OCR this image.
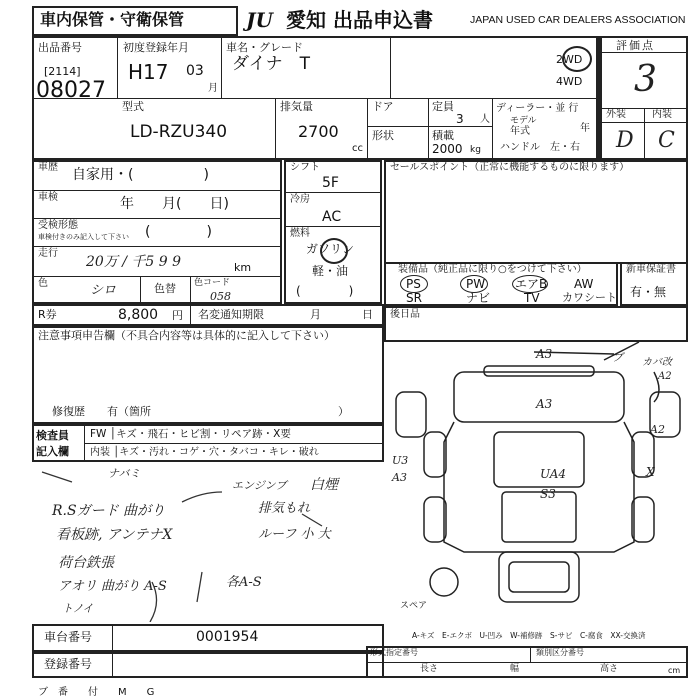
車内保管・守衛保管	JU 愛知 出品申込書	JAPAN USED CAR DEALERS ASSOCIATION
出品番号
[2114]
08027
初度登録年月
H17 03
月
車名・グレード
ダイナ　T	2WD
4WD
評価点
3
外装	内装
D C
型式
LD-RZU340
排気量
2700
cc
ドア
形状
定員
3 人
積載
2000 kg
ディーラー・並 行
モデル
年式	年
ハンドル 左・右
車歴 自家用・(　　　　　)
車検	年　　月(　　日)
受検形態
車検付きのみ記入して下さい (　　　　)
走行
20万 / 千5 9 9	km
色	シロ	色替 色コード
058
シフト
5F
冷房
AC
燃料
ガソリン
軽・油
(　　　　)
セールスポイント（正常に機能するものに限ります）
装備品（純正品に限り○をつけて下さい）
PS	PW エアB AW
SR	ナビ	TV カワシート
新車保証書
有・無
R券	8,800 円 名変通知期限	月	日 後日品
注意事項申告欄（不具合内容等は具体的に記入して下さい）
修復歴　　有（箇所　　　　　　　　　　　　　　　　　）
検査員
記入欄
FW │キズ・飛石・ヒビ割・リペア跡・X要
内装 │キズ・汚れ・コゲ・穴・タバコ・キレ・破れ
ナバミ
エンジンブ 白煙
R.Sガード 曲がり	排気もれ
看板跡, アンテナX	ルーフ 小 大
荷台鉄張
アオリ 曲がり A-S	各A-S
トノイ
A3	ブ カバ改
A2
A3
A2
U3
A3	UA4
S3
X
スペア
A-キズ　E-エクボ　U-凹み　W-補修跡　S-サビ　C-腐食　XX-交換済
車台番号	0001954
登録番号
形式指定番号	類別区分番号
長さ	幅	高さ	cm
ブ　番　　付　　M　　G
